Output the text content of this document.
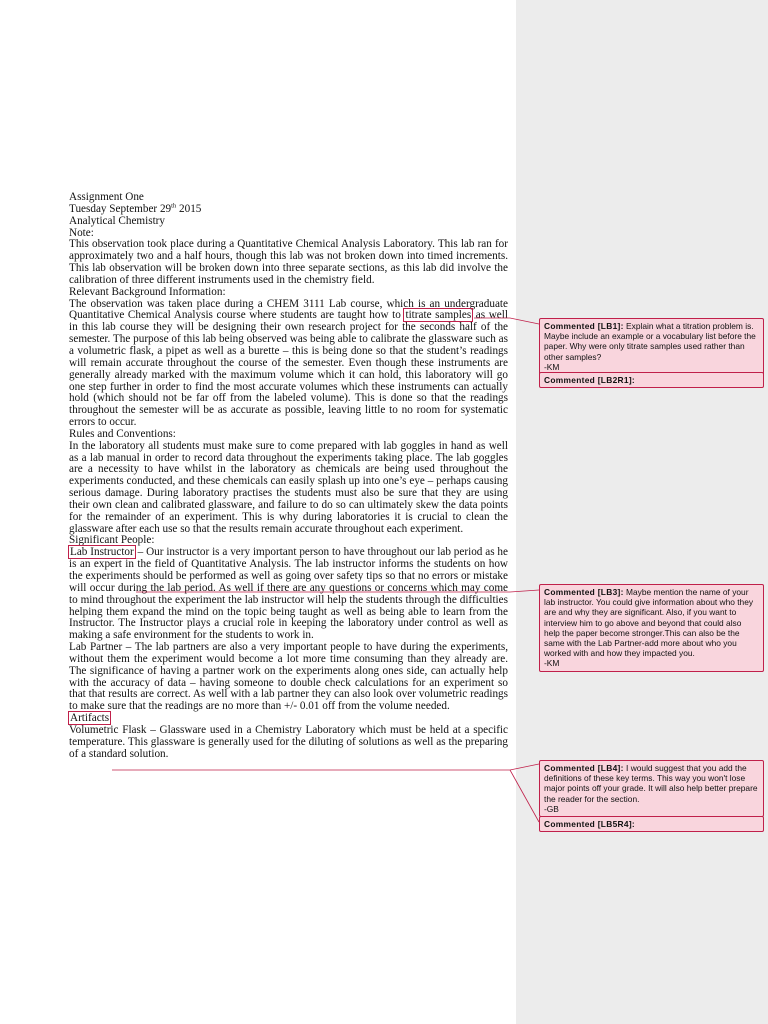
Assignment One

Tuesday September 29th 2015

Analytical Chemistry

Note:

This observation took place during a Quantitative Chemical Analysis Laboratory. This lab ran for approximately two and a half hours, though this lab was not broken down into timed increments. This lab observation will be broken down into three separate sections, as this lab did involve the calibration of three different instruments used in the chemistry field.

Relevant Background Information:

The observation was taken place during a CHEM 3111 Lab course, which is an undergraduate Quantitative Chemical Analysis course where students are taught how to titrate samples as well in this lab course they will be designing their own research project for the seconds half of the semester. The purpose of this lab being observed was being able to calibrate the glassware such as a volumetric flask, a pipet as well as a burette – this is being done so that the student’s readings will remain accurate throughout the course of the semester. Even though these instruments are generally already marked with the maximum volume which it can hold, this laboratory will go one step further in order to find the most accurate volumes which these instruments can actually hold (which should not be far off from the labeled volume). This is done so that the readings throughout the semester will be as accurate as possible, leaving little to no room for systematic errors to occur.

Rules and Conventions:

In the laboratory all students must make sure to come prepared with lab goggles in hand as well as a lab manual in order to record data throughout the experiments taking place. The lab goggles are a necessity to have whilst in the laboratory as chemicals are being used throughout the experiments conducted, and these chemicals can easily splash up into one’s eye – perhaps causing serious damage. During laboratory practises the students must also be sure that they are using their own clean and calibrated glassware, and failure to do so can ultimately skew the data points for the remainder of an experiment. This is why during laboratories it is crucial to clean the glassware after each use so that the results remain accurate throughout each experiment.

Significant People:

Lab Instructor – Our instructor is a very important person to have throughout our lab period as he is an expert in the field of Quantitative Analysis. The lab instructor informs the students on how the experiments should be performed as well as going over safety tips so that no errors or mistake will occur during the lab period. As well if there are any questions or concerns which may come to mind throughout the experiment the lab instructor will help the students through the difficulties helping them expand the mind on the topic being taught as well as being able to learn from the Instructor. The Instructor plays a crucial role in keeping the laboratory under control as well as making a safe environment for the students to work in.

Lab Partner – The lab partners are also a very important people to have during the experiments, without them the experiment would become a lot more time consuming than they already are. The significance of having a partner work on the experiments along ones side, can actually help with the accuracy of data – having someone to double check calculations for an experiment so that that results are correct. As well with a lab partner they can also look over volumetric readings to make sure that the readings are no more than +/- 0.01 off from the volume needed.

Artifacts

Volumetric Flask – Glassware used in a Chemistry Laboratory which must be held at a specific temperature. This glassware is generally used for the diluting of solutions as well as the preparing of a standard solution.

Commented [LB1]: Explain what a titration problem is. Maybe include an example or a vocabulary list before the paper. Why were only titrate samples used rather than other samples?
-KM
Commented [LB2R1]:
Commented [LB3]: Maybe mention the name of your lab instructor. You could give information about who they are and why they are significant. Also, if you want to interview him to go above and beyond that could also help the paper become stronger.This can also be the same with the Lab Partner-add more about who you worked with and how they impacted you.
-KM
Commented [LB4]: I would suggest that you add the definitions of these key terms. This way you won't lose major points off your grade. It will also help better prepare the reader for the section.
-GB
Commented [LB5R4]:
